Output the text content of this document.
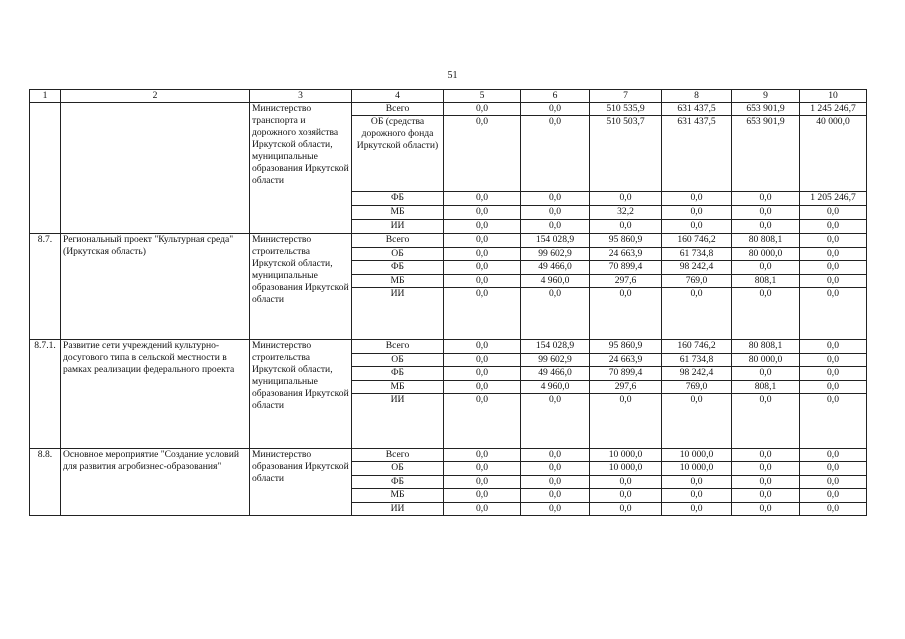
51
1	2	3	4	5	6	7	8	9	10
		Министерство транспорта и дорожного хозяйства Иркутской области, муниципальные образования Иркутской области	Всего	0,0	0,0	510 535,9	631 437,5	653 901,9	1 245 246,7
			ОБ (средства дорожного фонда Иркутской области)	0,0	0,0	510 503,7	631 437,5	653 901,9	40 000,0
			ФБ	0,0	0,0	0,0	0,0	0,0	1 205 246,7
			МБ	0,0	0,0	32,2	0,0	0,0	0,0
			ИИ	0,0	0,0	0,0	0,0	0,0	0,0
8.7.	Региональный проект "Культурная среда" (Иркутская область)	Министерство строительства Иркутской области, муниципальные образования Иркутской области	Всего	0,0	154 028,9	95 860,9	160 746,2	80 808,1	0,0
			ОБ	0,0	99 602,9	24 663,9	61 734,8	80 000,0	0,0
			ФБ	0,0	49 466,0	70 899,4	98 242,4	0,0	0,0
			МБ	0,0	4 960,0	297,6	769,0	808,1	0,0
			ИИ	0,0	0,0	0,0	0,0	0,0	0,0
8.7.1.	Развитие сети учреждений культурно-досугового типа в сельской местности в рамках реализации федерального проекта	Министерство строительства Иркутской области, муниципальные образования Иркутской области	Всего	0,0	154 028,9	95 860,9	160 746,2	80 808,1	0,0
			ОБ	0,0	99 602,9	24 663,9	61 734,8	80 000,0	0,0
			ФБ	0,0	49 466,0	70 899,4	98 242,4	0,0	0,0
			МБ	0,0	4 960,0	297,6	769,0	808,1	0,0
			ИИ	0,0	0,0	0,0	0,0	0,0	0,0
8.8.	Основное мероприятие "Создание условий для развития агробизнес-образования"	Министерство образования Иркутской области	Всего	0,0	0,0	10 000,0	10 000,0	0,0	0,0
			ОБ	0,0	0,0	10 000,0	10 000,0	0,0	0,0
			ФБ	0,0	0,0	0,0	0,0	0,0	0,0
			МБ	0,0	0,0	0,0	0,0	0,0	0,0
			ИИ	0,0	0,0	0,0	0,0	0,0	0,0
